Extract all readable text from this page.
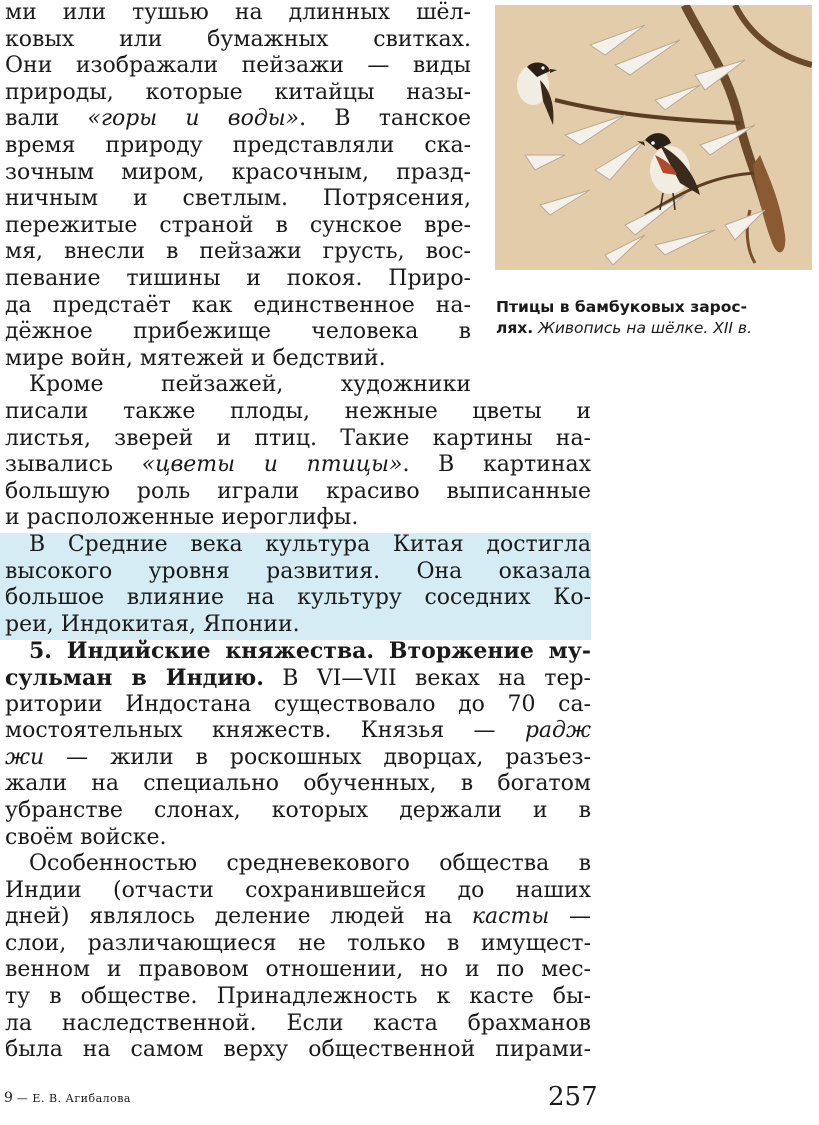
ми или тушью на длинных шёл-
ковых или бумажных свитках.
Они изображали пейзажи — виды
природы, которые китайцы назы-
вали «горы и воды». В танское
время природу представляли ска-
зочным миром, красочным, празд-
ничным и светлым. Потрясения,
пережитые страной в сунское вре-
мя, внесли в пейзажи грусть, вос-
певание тишины и покоя. Приро-
да предстаёт как единственное на-
дёжное прибежище человека в
мире войн, мятежей и бедствий.
Кроме пейзажей, художники
писали также плоды, нежные цветы и
листья, зверей и птиц. Такие картины на-
зывались «цветы и птицы». В картинах
большую роль играли красиво выписанные
и расположенные иероглифы.
В Средние века культура Китая достигла
высокого уровня развития. Она оказала
большое влияние на культуру соседних Ко-
реи, Индокитая, Японии.
5. Индийские княжества. Вторжение му-
сульман в Индию. В VI—VII веках на тер-
ритории Индостана существовало до 70 са-
мостоятельных княжеств. Князья — радж
жи — жили в роскошных дворцах, разъез-
жали на специально обученных, в богатом
убранстве слонах, которых держали и в
своём войске.
Особенностью средневекового общества в
Индии (отчасти сохранившейся до наших
дней) являлось деление людей на касты —
слои, различающиеся не только в имущест-
венном и правовом отношении, но и по мес-
ту в обществе. Принадлежность к касте бы-
ла наследственной. Если каста брахманов
была на самом верху общественной пирами-
Птицы в бамбуковых зарос-
лях. Живопись на шёлке. XII в.
9 — Е. В. Агибалова	257
